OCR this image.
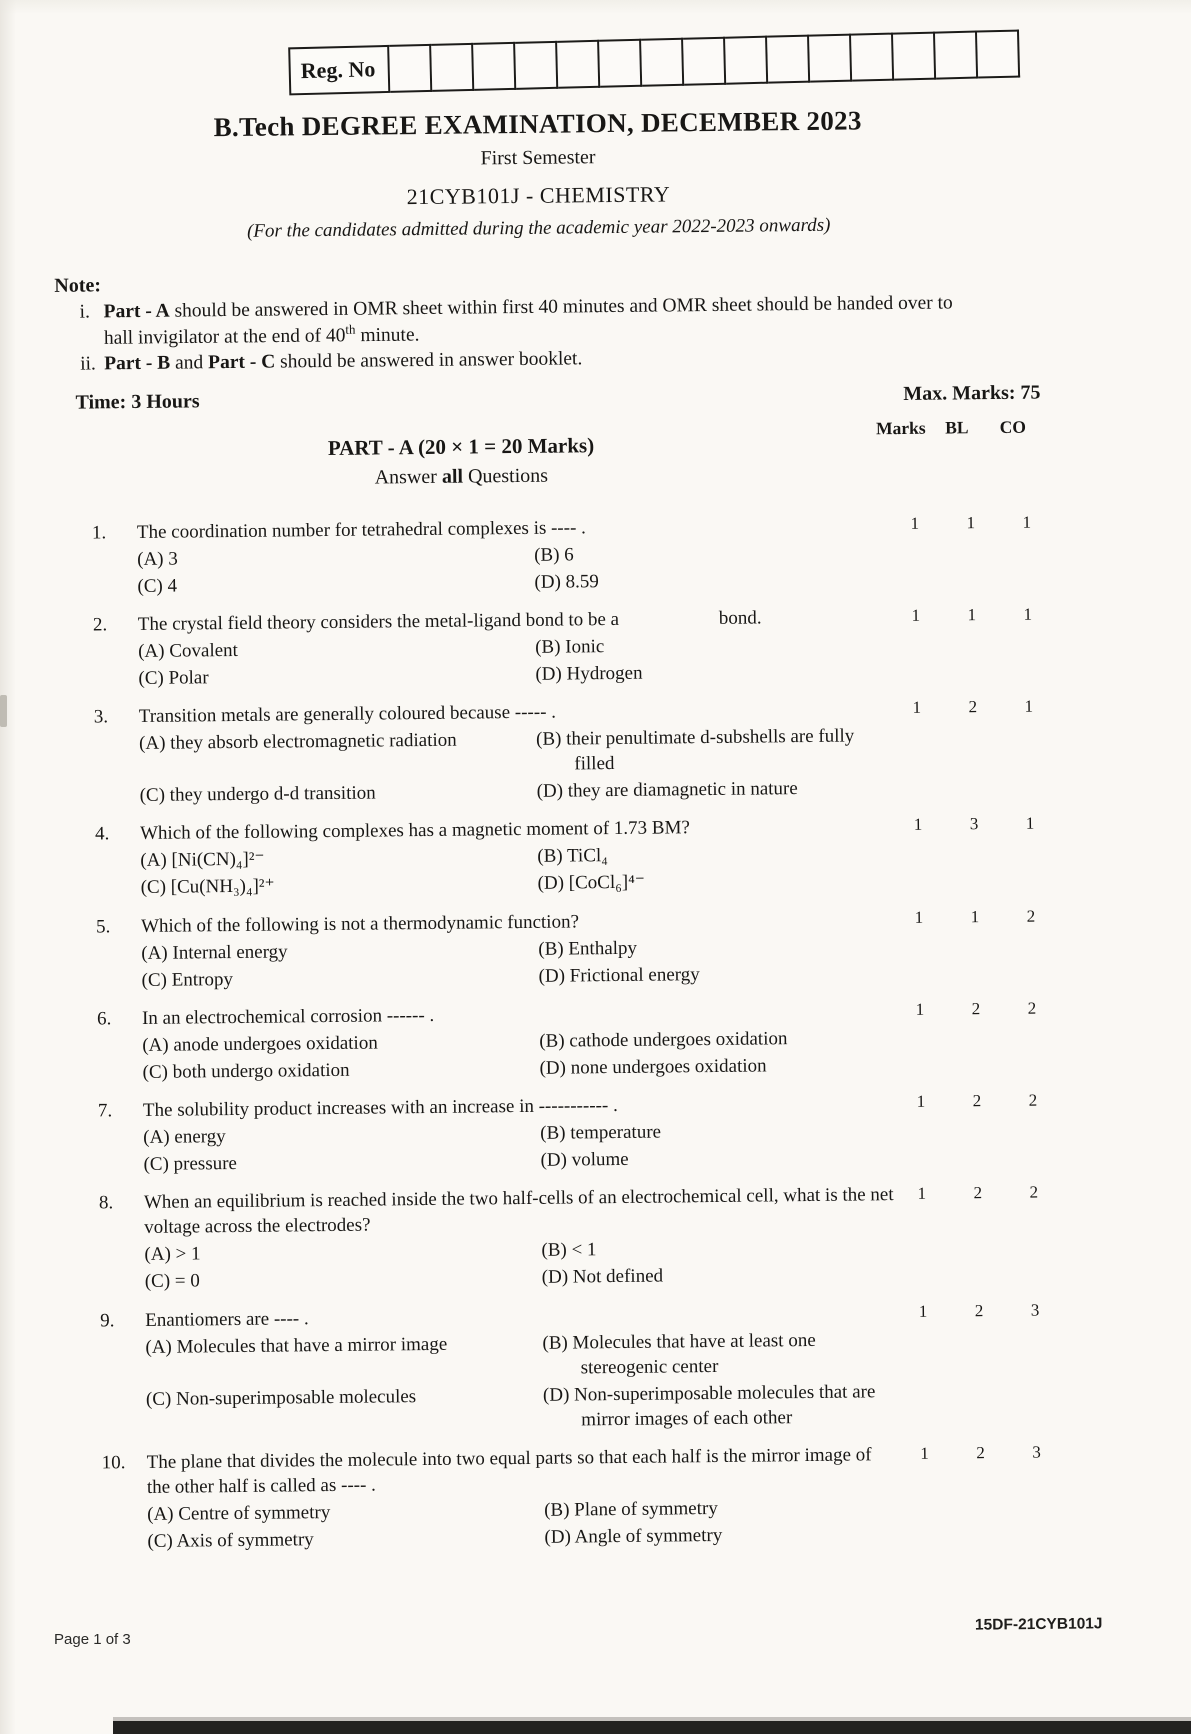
Reg. No
B.Tech DEGREE EXAMINATION, DECEMBER 2023
First Semester
21CYB101J - CHEMISTRY
(For the candidates admitted during the academic year 2022-2023 onwards)
Note:
i. Part - A should be answered in OMR sheet within first 40 minutes and OMR sheet should be handed over to hall invigilator at the end of 40th minute.
ii. Part - B and Part - C should be answered in answer booklet.
Time: 3 Hours	Max. Marks: 75
Marks	BL	CO
PART - A (20 × 1 = 20 Marks)
Answer all Questions
1.	The coordination number for tetrahedral complexes is ---- .
(A) 3	(B) 6
(C) 4	(D) 8.59
1	1	1
2.	The crystal field theory considers the metal-ligand bond to be a      bond.
(A) Covalent	(B) Ionic
(C) Polar	(D) Hydrogen
1	1	1
3.	Transition metals are generally coloured because ----- .
(A) they absorb electromagnetic radiation	(B) their penultimate d-subshells are fully filled
(C) they undergo d-d transition	(D) they are diamagnetic in nature
1	2	1
4.	Which of the following complexes has a magnetic moment of 1.73 BM?
(A) [Ni(CN)₄]²⁻	(B) TiCl₄
(C) [Cu(NH₃)₄]²⁺	(D) [CoCl₆]⁴⁻
1	3	1
5.	Which of the following is not a thermodynamic function?
(A) Internal energy	(B) Enthalpy
(C) Entropy	(D) Frictional energy
1	1	2
6.	In an electrochemical corrosion ------ .
(A) anode undergoes oxidation	(B) cathode undergoes oxidation
(C) both undergo oxidation	(D) none undergoes oxidation
1	2	2
7.	The solubility product increases with an increase in ----------- .
(A) energy	(B) temperature
(C) pressure	(D) volume
1	2	2
8.	When an equilibrium is reached inside the two half-cells of an electrochemical cell, what is the net voltage across the electrodes?
(A) > 1	(B) < 1
(C) = 0	(D) Not defined
1	2	2
9.	Enantiomers are ---- .
(A) Molecules that have a mirror image	(B) Molecules that have at least one stereogenic center
(C) Non-superimposable molecules	(D) Non-superimposable molecules that are mirror images of each other
1	2	3
10.	The plane that divides the molecule into two equal parts so that each half is the mirror image of the other half is called as ---- .
(A) Centre of symmetry	(B) Plane of symmetry
(C) Axis of symmetry	(D) Angle of symmetry
1	2	3
Page 1 of 3
15DF-21CYB101J
